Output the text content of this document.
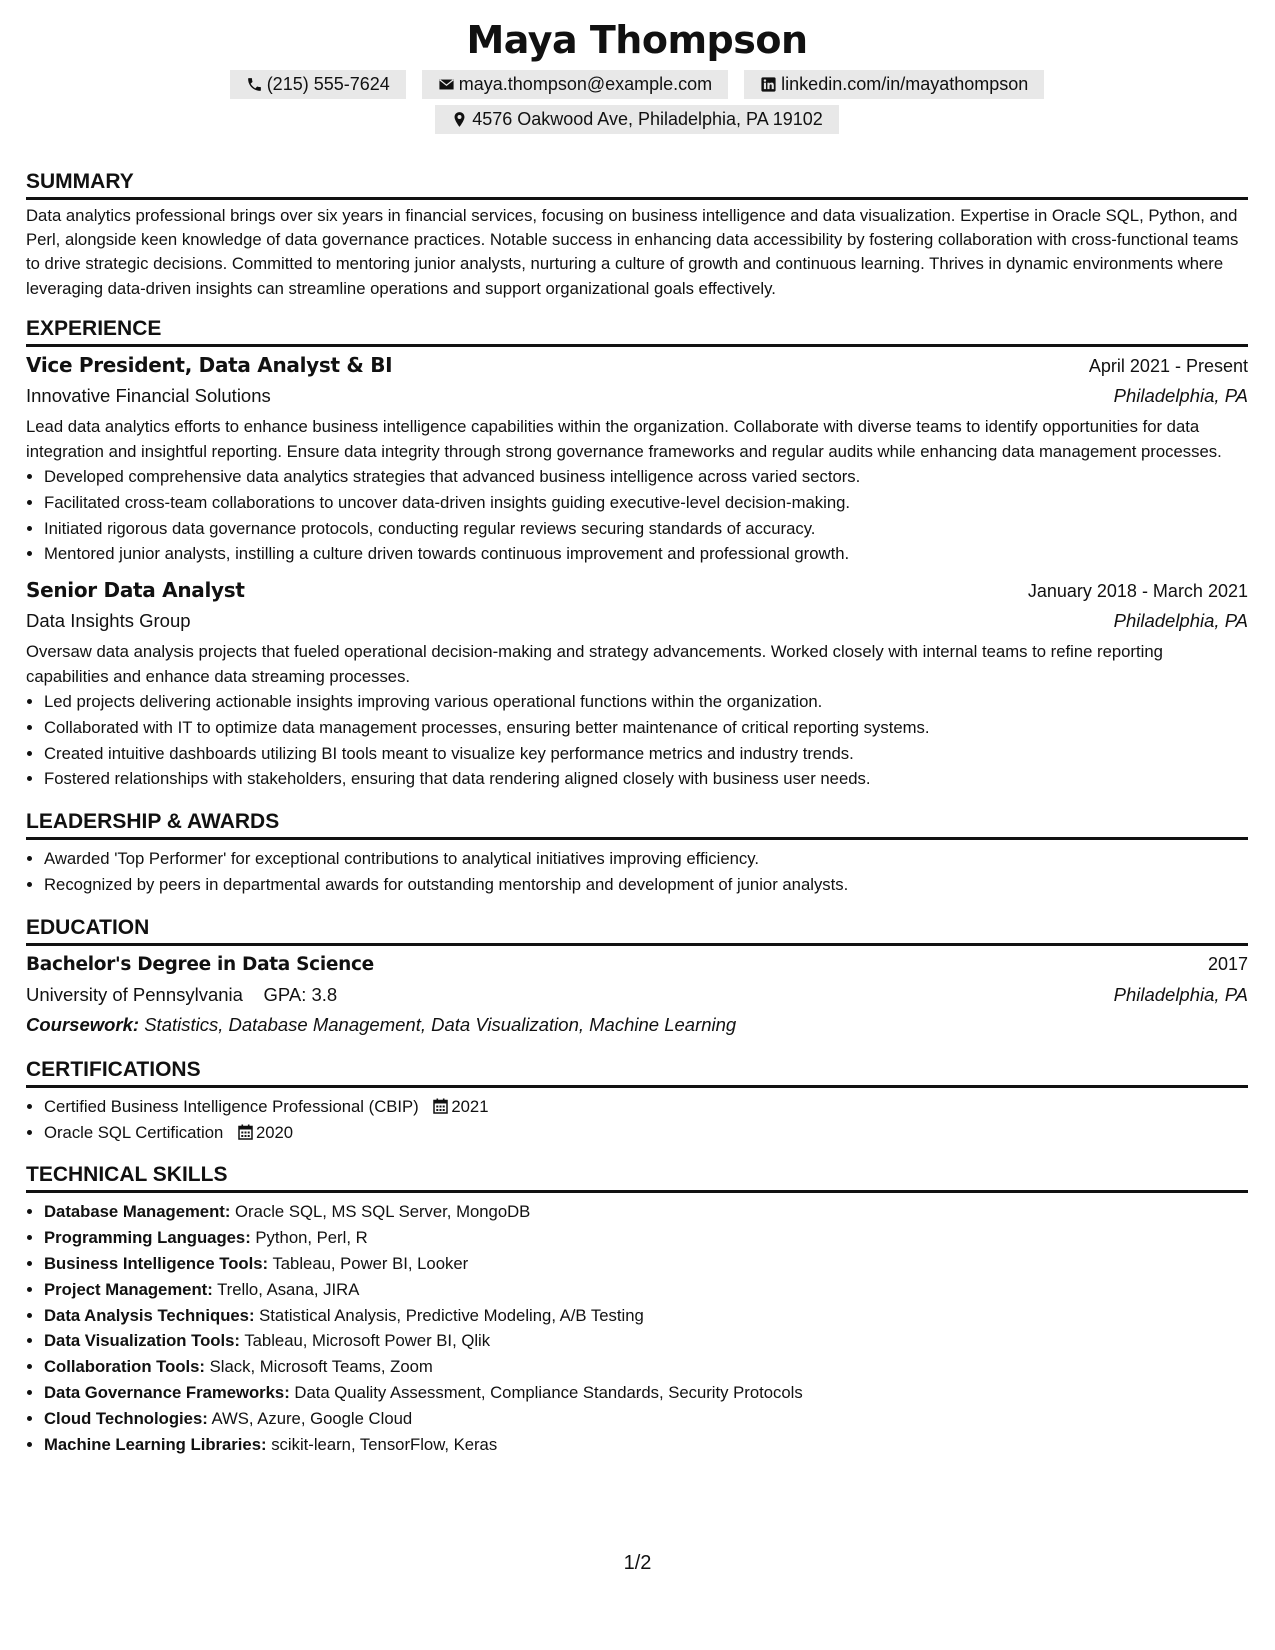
Maya Thompson
(215) 555-7624	maya.thompson@example.com	linkedin.com/in/mayathompson
4576 Oakwood Ave, Philadelphia, PA 19102
SUMMARY

Data analytics professional brings over six years in financial services, focusing on business intelligence and data visualization. Expertise in Oracle SQL, Python, and Perl, alongside keen knowledge of data governance practices. Notable success in enhancing data accessibility by fostering collaboration with cross-functional teams to drive strategic decisions. Committed to mentoring junior analysts, nurturing a culture of growth and continuous learning. Thrives in dynamic environments where leveraging data-driven insights can streamline operations and support organizational goals effectively.

EXPERIENCE
Vice President, Data Analyst & BI	April 2021 - Present
Innovative Financial Solutions	Philadelphia, PA

Lead data analytics efforts to enhance business intelligence capabilities within the organization. Collaborate with diverse teams to identify opportunities for data integration and insightful reporting. Ensure data integrity through strong governance frameworks and regular audits while enhancing data management processes.

• Developed comprehensive data analytics strategies that advanced business intelligence across varied sectors.
• Facilitated cross-team collaborations to uncover data-driven insights guiding executive-level decision-making.
• Initiated rigorous data governance protocols, conducting regular reviews securing standards of accuracy.
• Mentored junior analysts, instilling a culture driven towards continuous improvement and professional growth.
Senior Data Analyst	January 2018 - March 2021
Data Insights Group	Philadelphia, PA

Oversaw data analysis projects that fueled operational decision-making and strategy advancements. Worked closely with internal teams to refine reporting capabilities and enhance data streaming processes.

• Led projects delivering actionable insights improving various operational functions within the organization.
• Collaborated with IT to optimize data management processes, ensuring better maintenance of critical reporting systems.
• Created intuitive dashboards utilizing BI tools meant to visualize key performance metrics and industry trends.
• Fostered relationships with stakeholders, ensuring that data rendering aligned closely with business user needs.
LEADERSHIP & AWARDS
• Awarded 'Top Performer' for exceptional contributions to analytical initiatives improving efficiency.
• Recognized by peers in departmental awards for outstanding mentorship and development of junior analysts.
EDUCATION
Bachelor's Degree in Data Science	2017
University of Pennsylvania GPA: 3.8	Philadelphia, PA
Coursework: Statistics, Database Management, Data Visualization, Machine Learning
CERTIFICATIONS
• Certified Business Intelligence Professional (CBIP) 2021
• Oracle SQL Certification 2020
TECHNICAL SKILLS
• Database Management: Oracle SQL, MS SQL Server, MongoDB
• Programming Languages: Python, Perl, R
• Business Intelligence Tools: Tableau, Power BI, Looker
• Project Management: Trello, Asana, JIRA
• Data Analysis Techniques: Statistical Analysis, Predictive Modeling, A/B Testing
• Data Visualization Tools: Tableau, Microsoft Power BI, Qlik
• Collaboration Tools: Slack, Microsoft Teams, Zoom
• Data Governance Frameworks: Data Quality Assessment, Compliance Standards, Security Protocols
• Cloud Technologies: AWS, Azure, Google Cloud
• Machine Learning Libraries: scikit-learn, TensorFlow, Keras
1/2
